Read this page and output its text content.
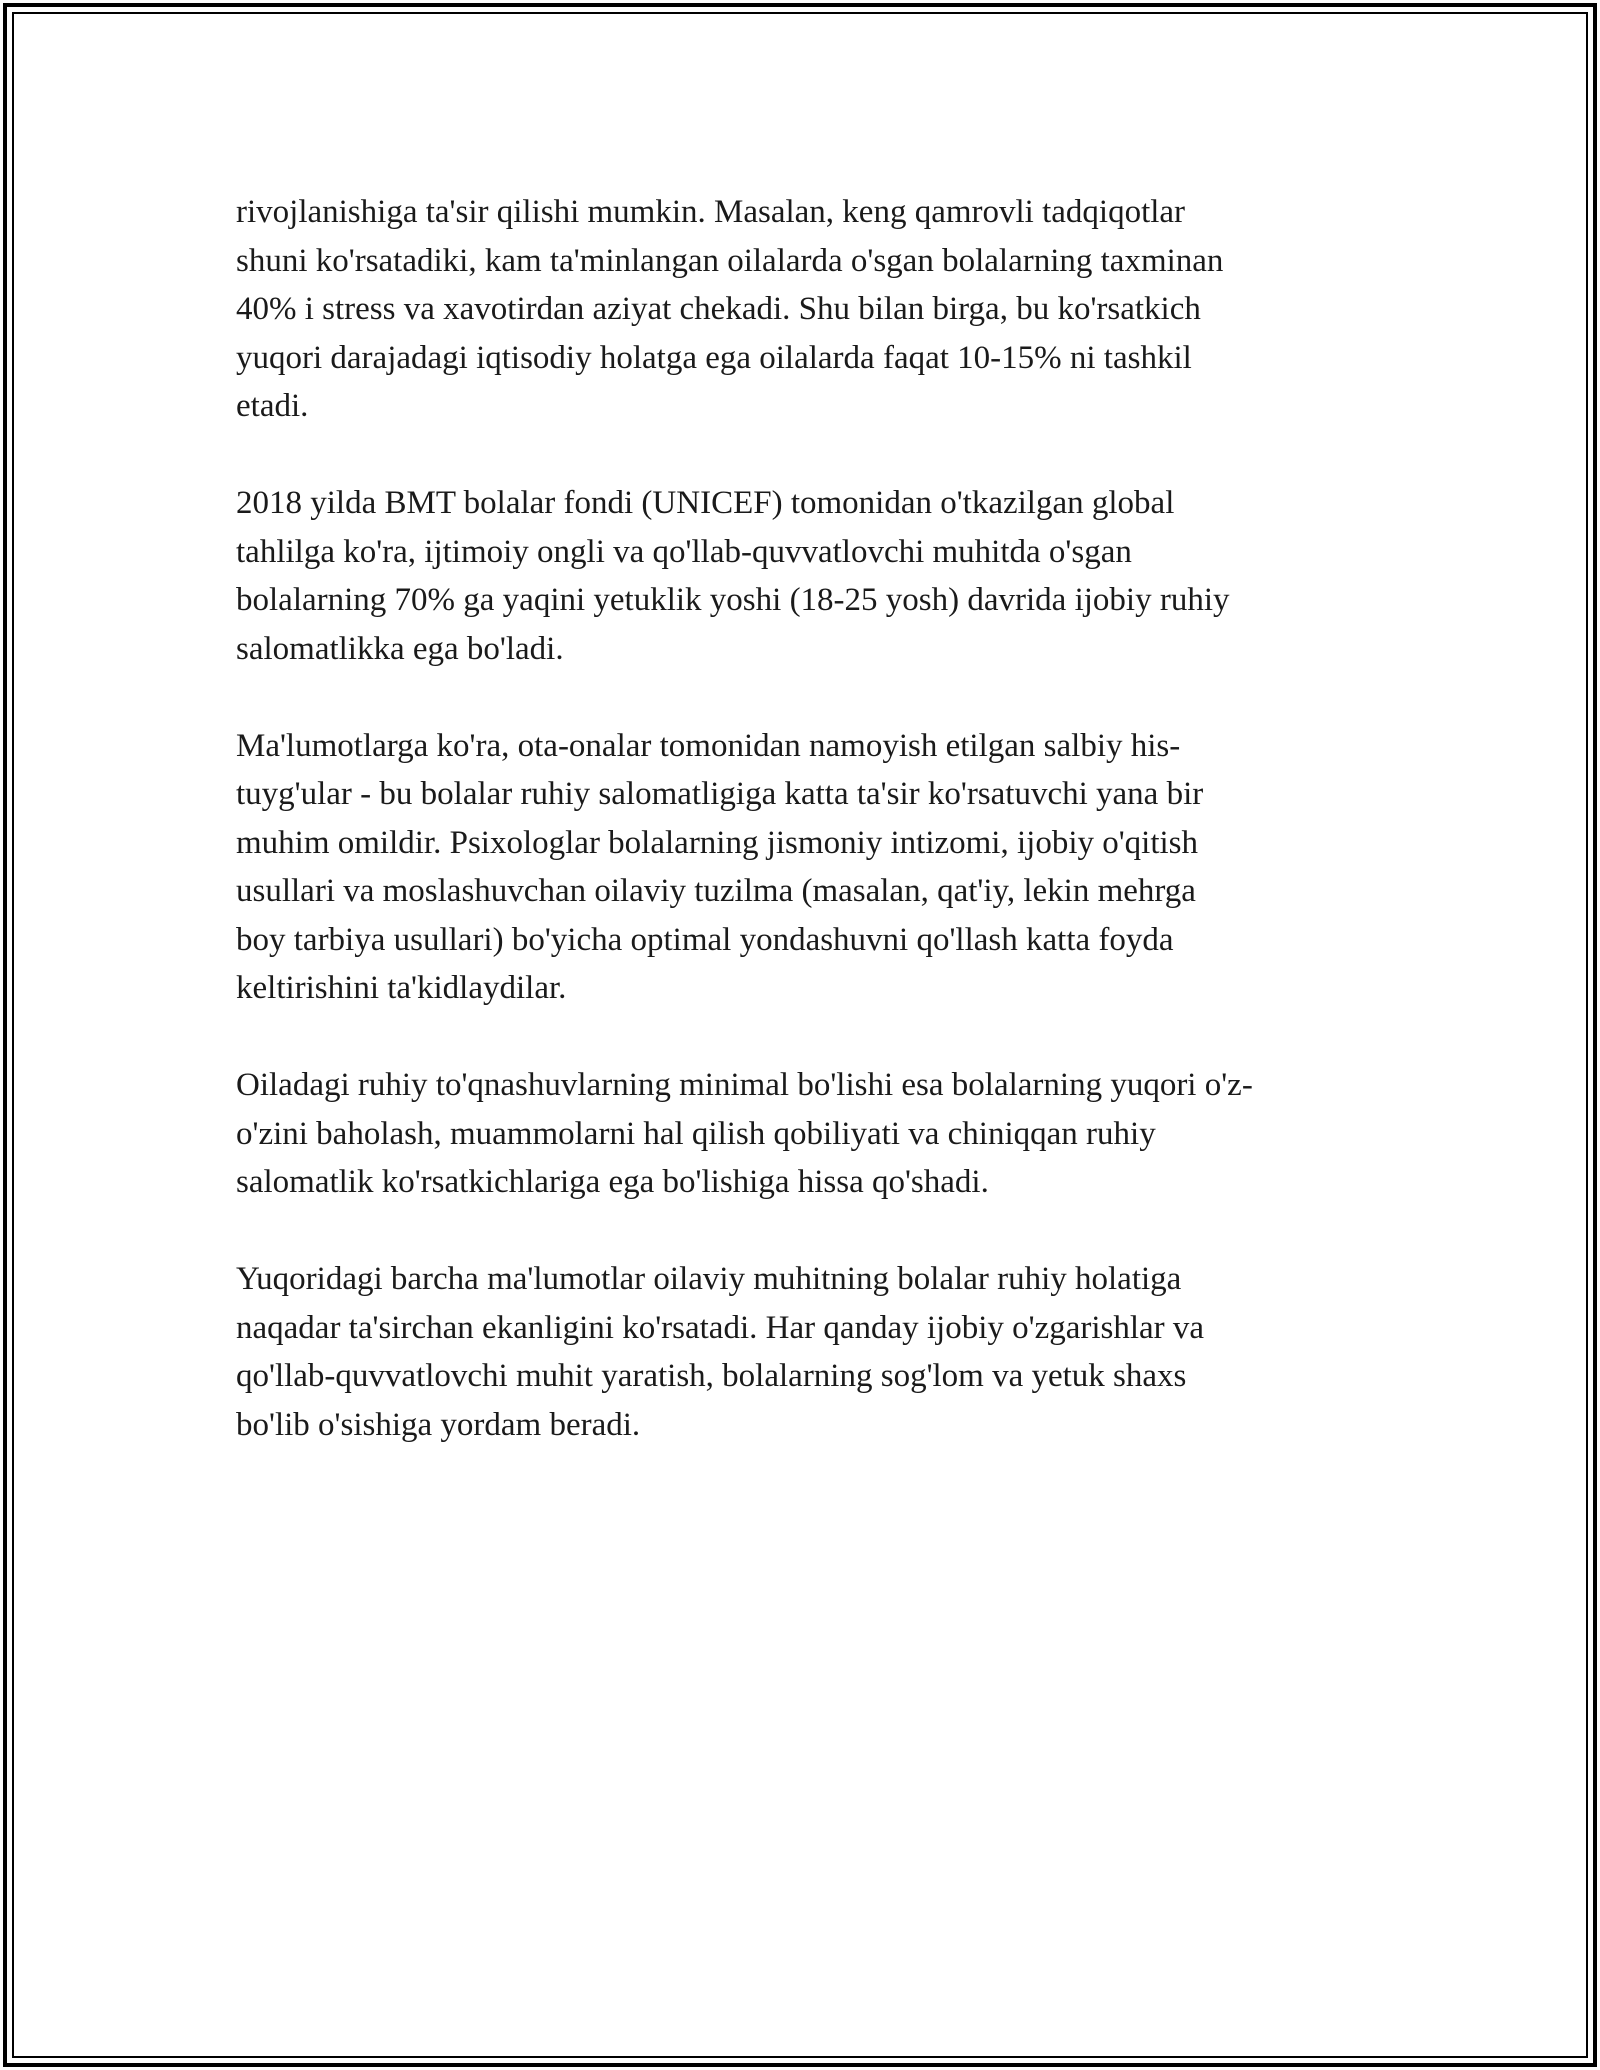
rivojlanishiga ta'sir qilishi mumkin. Masalan, keng qamrovli tadqiqotlar
shuni ko'rsatadiki, kam ta'minlangan oilalarda o'sgan bolalarning taxminan
40% i stress va xavotirdan aziyat chekadi. Shu bilan birga, bu ko'rsatkich
yuqori darajadagi iqtisodiy holatga ega oilalarda faqat 10-15% ni tashkil
etadi.

2018 yilda BMT bolalar fondi (UNICEF) tomonidan o'tkazilgan global
tahlilga ko'ra, ijtimoiy ongli va qo'llab-quvvatlovchi muhitda o'sgan
bolalarning 70% ga yaqini yetuklik yoshi (18-25 yosh) davrida ijobiy ruhiy
salomatlikka ega bo'ladi.

Ma'lumotlarga ko'ra, ota-onalar tomonidan namoyish etilgan salbiy his-
tuyg'ular - bu bolalar ruhiy salomatligiga katta ta'sir ko'rsatuvchi yana bir
muhim omildir. Psixologlar bolalarning jismoniy intizomi, ijobiy o'qitish
usullari va moslashuvchan oilaviy tuzilma (masalan, qat'iy, lekin mehrga
boy tarbiya usullari) bo'yicha optimal yondashuvni qo'llash katta foyda
keltirishini ta'kidlaydilar.

Oiladagi ruhiy to'qnashuvlarning minimal bo'lishi esa bolalarning yuqori o'z-
o'zini baholash, muammolarni hal qilish qobiliyati va chiniqqan ruhiy
salomatlik ko'rsatkichlariga ega bo'lishiga hissa qo'shadi.

Yuqoridagi barcha ma'lumotlar oilaviy muhitning bolalar ruhiy holatiga
naqadar ta'sirchan ekanligini ko'rsatadi. Har qanday ijobiy o'zgarishlar va
qo'llab-quvvatlovchi muhit yaratish, bolalarning sog'lom va yetuk shaxs
bo'lib o'sishiga yordam beradi.
